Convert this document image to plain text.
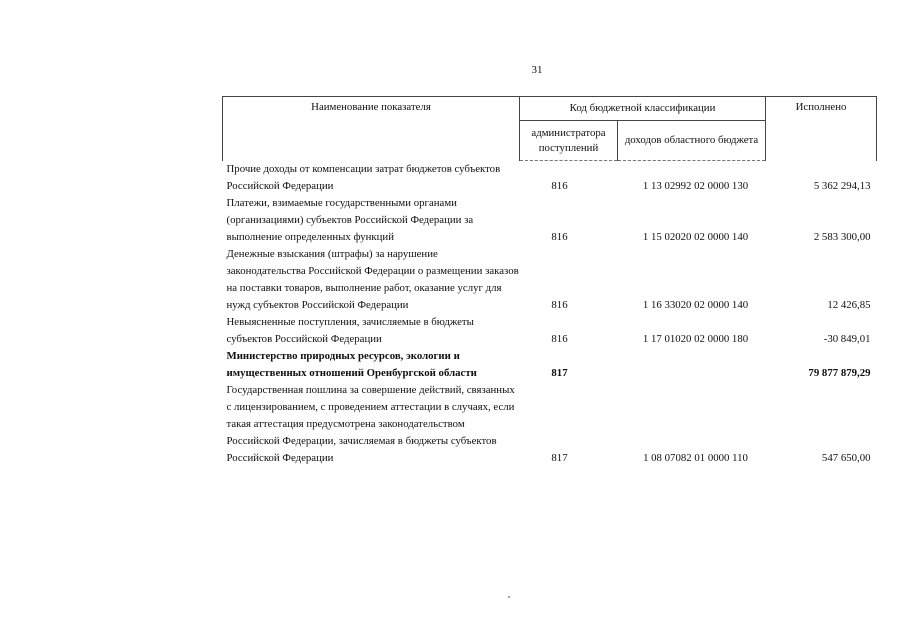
31
Наименование показателя	Код бюджетной классификации		Исполнено
	администратора поступлений	доходов областного бюджета	
Прочие доходы от компенсации затрат бюджетов субъектов Российской Федерации	816	1 13 02992 02 0000 130	5 362 294,13
Платежи, взимаемые государственными органами (организациями) субъектов Российской Федерации за выполнение определенных функций	816	1 15 02020 02 0000 140	2 583 300,00
Денежные взыскания (штрафы) за нарушение законодательства Российской Федерации о размещении заказов на поставки товаров, выполнение работ, оказание услуг для нужд субъектов Российской Федерации	816	1 16 33020 02 0000 140	12 426,85
Невыясненные поступления, зачисляемые в бюджеты субъектов Российской Федерации	816	1 17 01020 02 0000 180	-30 849,01
Министерство природных ресурсов, экологии и имущественных отношений Оренбургской области	817		79 877 879,29
Государственная пошлина за совершение действий, связанных с лицензированием, с проведением аттестации в случаях, если такая аттестация предусмотрена законодательством Российской Федерации, зачисляемая в бюджеты субъектов Российской Федерации	817	1 08 07082 01 0000 110	547 650,00
